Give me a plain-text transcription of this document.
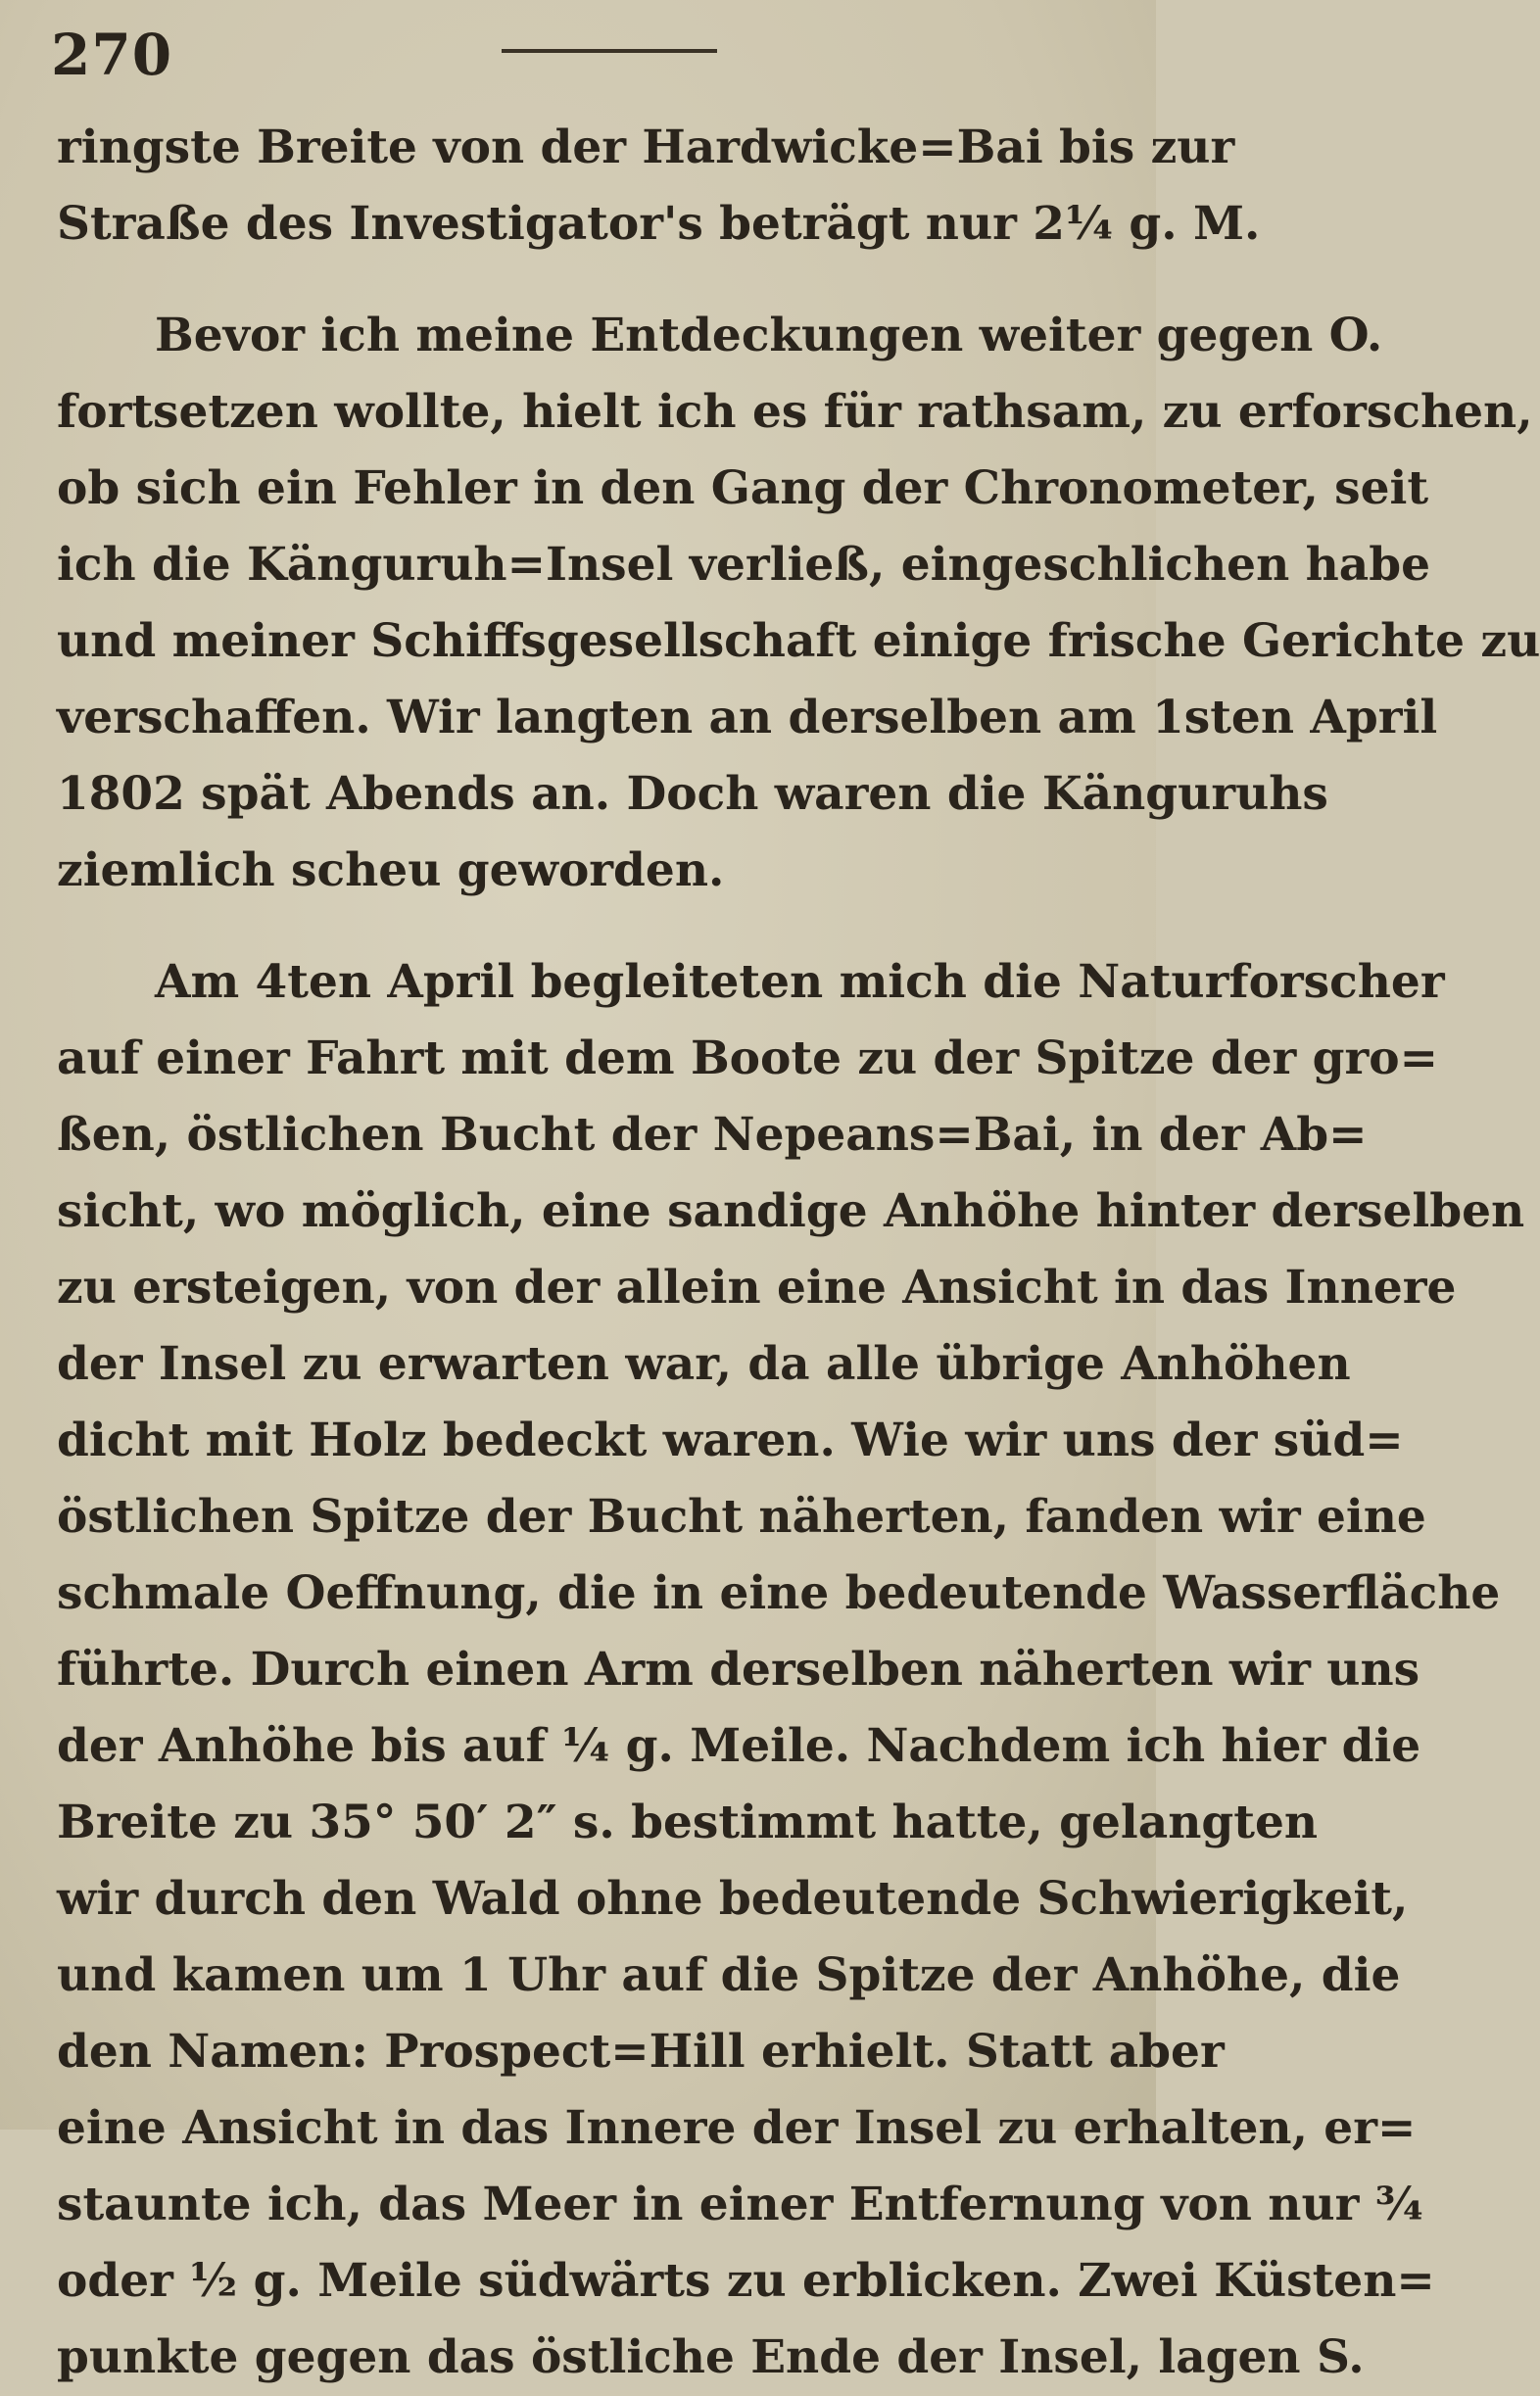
270
ringste Breite von der Hardwicke=Bai bis zur
Straße des Investigator's beträgt nur 2¼ g. M.
Bevor ich meine Entdeckungen weiter gegen O.
fortsetzen wollte, hielt ich es für rathsam, zu erforschen,
ob sich ein Fehler in den Gang der Chronometer, seit
ich die Känguruh=Insel verließ, eingeschlichen habe
und meiner Schiffsgesellschaft einige frische Gerichte zu
verschaffen. Wir langten an derselben am 1sten April
1802 spät Abends an. Doch waren die Känguruhs
ziemlich scheu geworden.
Am 4ten April begleiteten mich die Naturforscher
auf einer Fahrt mit dem Boote zu der Spitze der gro=
ßen, östlichen Bucht der Nepeans=Bai, in der Ab=
sicht, wo möglich, eine sandige Anhöhe hinter derselben
zu ersteigen, von der allein eine Ansicht in das Innere
der Insel zu erwarten war, da alle übrige Anhöhen
dicht mit Holz bedeckt waren. Wie wir uns der süd=
östlichen Spitze der Bucht näherten, fanden wir eine
schmale Oeffnung, die in eine bedeutende Wasserfläche
führte. Durch einen Arm derselben näherten wir uns
der Anhöhe bis auf ¼ g. Meile. Nachdem ich hier die
Breite zu 35° 50′ 2″ s. bestimmt hatte, gelangten
wir durch den Wald ohne bedeutende Schwierigkeit,
und kamen um 1 Uhr auf die Spitze der Anhöhe, die
den Namen: Prospect=Hill erhielt. Statt aber
eine Ansicht in das Innere der Insel zu erhalten, er=
staunte ich, das Meer in einer Entfernung von nur ¾
oder ½ g. Meile südwärts zu erblicken. Zwei Küsten=
punkte gegen das östliche Ende der Insel, lagen S.
